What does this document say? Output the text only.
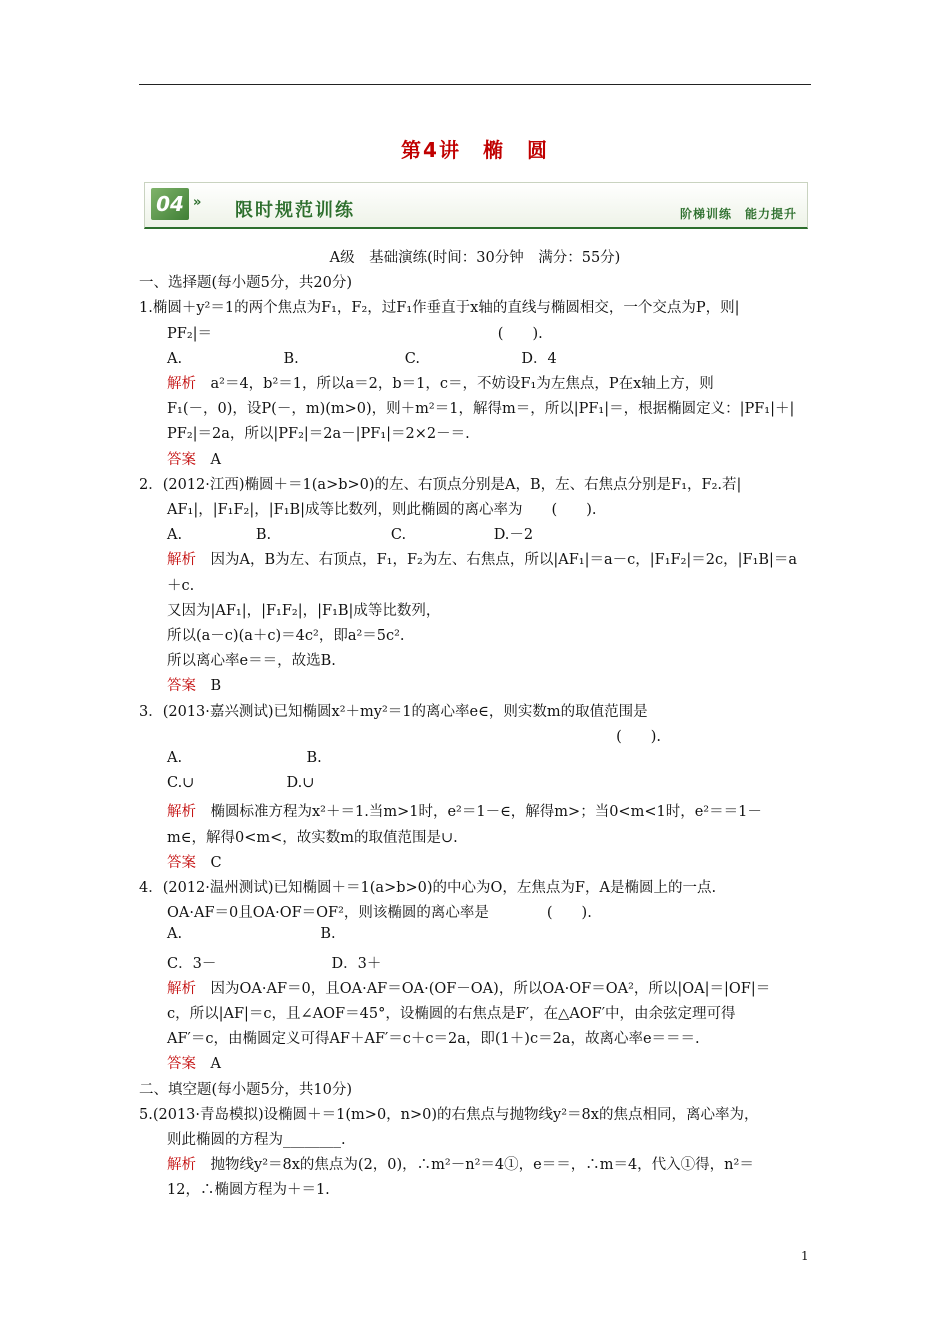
第4讲　椭　圆
04 » 限时规范训练	阶梯训练　能力提升
A级　基础演练(时间：30分钟　满分：55分)
一、选择题(每小题5分，共20分)
1.椭圆＋y²＝1的两个焦点为F₁，F₂，过F₁作垂直于x轴的直线与椭圆相交，一个交点为P，则|
PF₂|＝                                                              (　　).
A.                      B.                       C.                      D．4
解析　a²＝4，b²＝1，所以a＝2，b＝1，c＝，不妨设F₁为左焦点，P在x轴上方，则
F₁(－，0)，设P(－，m)(m>0)，则＋m²＝1，解得m＝，所以|PF₁|＝，根据椭圆定义：|PF₁|＋|
PF₂|＝2a，所以|PF₂|＝2a－|PF₁|＝2×2－＝.
答案　A
2．(2012·江西)椭圆＋＝1(a>b>0)的左、右顶点分别是A，B，左、右焦点分别是F₁，F₂.若|
AF₁|，|F₁F₂|，|F₁B|成等比数列，则此椭圆的离心率为　　(　　).
A.                B.                          C.                   D.－2
解析　因为A，B为左、右顶点，F₁，F₂为左、右焦点，所以|AF₁|＝a－c，|F₁F₂|＝2c，|F₁B|＝a
＋c.
又因为|AF₁|，|F₁F₂|，|F₁B|成等比数列，
所以(a－c)(a＋c)＝4c²，即a²＝5c².
所以离心率e＝＝，故选B.
答案　B
3．(2013·嘉兴测试)已知椭圆x²＋my²＝1的离心率e∈，则实数m的取值范围是
(　　).
A.                           B.
C.∪                    D.∪
解析　椭圆标准方程为x²＋＝1.当m>1时，e²＝1－∈，解得m>；当0<m<1时，e²＝＝1－
m∈，解得0<m<，故实数m的取值范围是∪.
答案　C
4．(2012·温州测试)已知椭圆＋＝1(a>b>0)的中心为O，左焦点为F，A是椭圆上的一点.
OA·AF＝0且OA·OF＝OF²，则该椭圆的离心率是　　　　(　　).
A.                              B.
C．3－                         D．3＋
解析　因为OA·AF＝0，且OA·AF＝OA·(OF－OA)，所以OA·OF＝OA²，所以|OA|＝|OF|＝
c，所以|AF|＝c，且∠AOF＝45°，设椭圆的右焦点是F′，在△AOF′中，由余弦定理可得
AF′＝c，由椭圆定义可得AF＋AF′＝c＋c＝2a，即(1＋)c＝2a，故离心率e＝＝＝.
答案　A
二、填空题(每小题5分，共10分)
5.(2013·青岛模拟)设椭圆＋＝1(m>0，n>0)的右焦点与抛物线y²＝8x的焦点相同，离心率为，
则此椭圆的方程为________.
解析　抛物线y²＝8x的焦点为(2，0)，∴m²－n²＝4①，e＝＝，∴m＝4，代入①得，n²＝
12，∴椭圆方程为＋＝1.
1
